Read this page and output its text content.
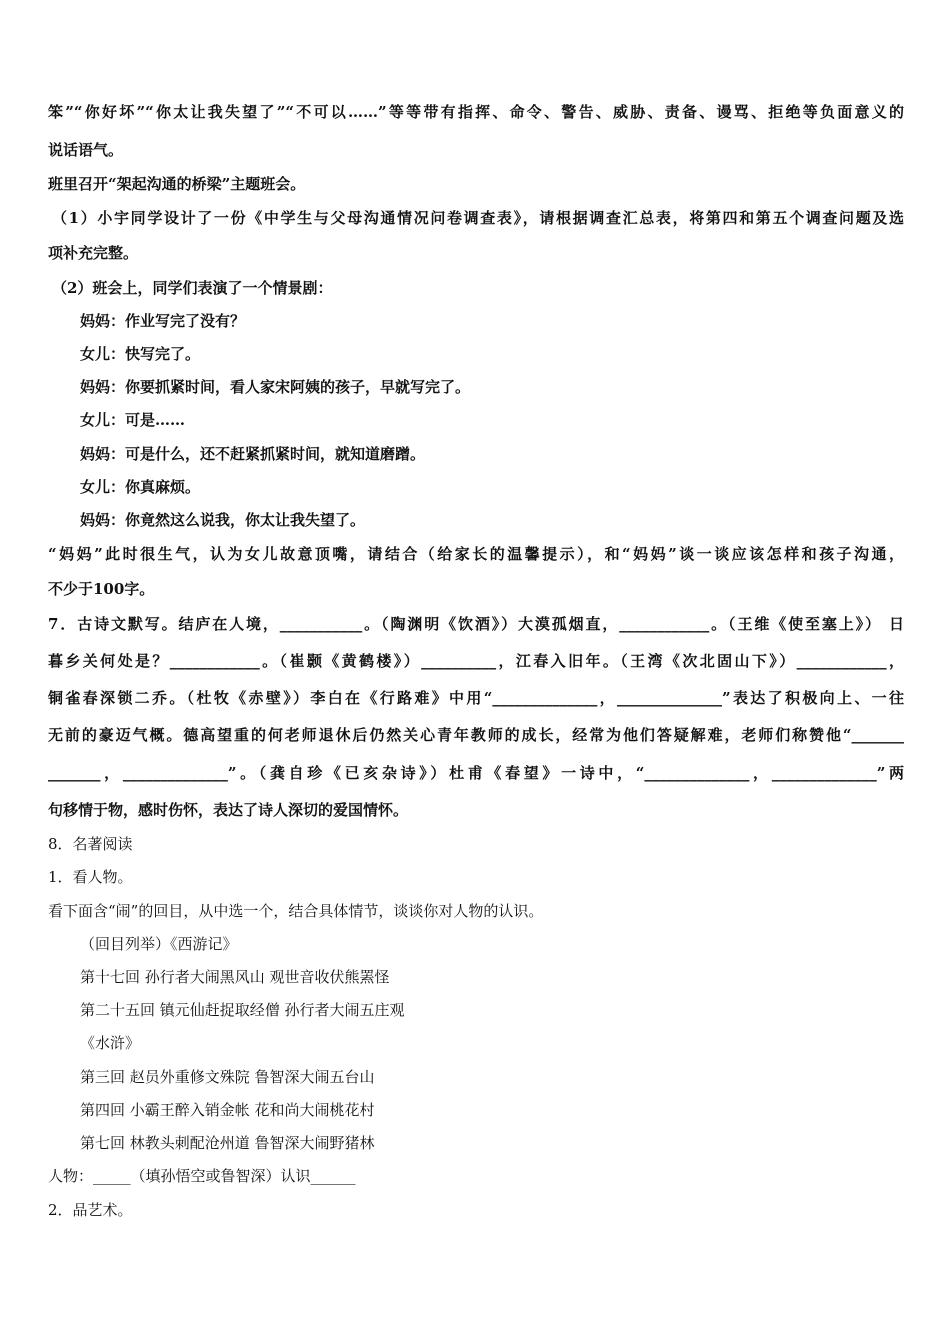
笨”“你好坏”“你太让我失望了”“不可以……”等等带有指挥、命令、警告、威胁、责备、谩骂、拒绝等负面意义的
说话语气。
班里召开“架起沟通的桥梁”主题班会。
（1）小宇同学设计了一份《中学生与父母沟通情况问卷调查表》，请根据调查汇总表，将第四和第五个调查问题及选
项补充完整。
（2）班会上，同学们表演了一个情景剧：
妈妈：作业写完了没有？
女儿：快写完了。
妈妈：你要抓紧时间，看人家宋阿姨的孩子，早就写完了。
女儿：可是……
妈妈：可是什么，还不赶紧抓紧时间，就知道磨蹭。
女儿：你真麻烦。
妈妈：你竟然这么说我，你太让我失望了。
“妈妈”此时很生气，认为女儿故意顶嘴，请结合（给家长的温馨提示），和“妈妈”谈一谈应该怎样和孩子沟通，
不少于100字。
7．古诗文默写。结庐在人境，___________。（陶渊明《饮酒》）大漠孤烟直，____________。（王维《使至塞上》） 日
暮乡关何处是？____________。（崔颢《黄鹤楼》）__________，江春入旧年。（王湾《次北固山下》）____________，
铜雀春深锁二乔。（杜牧《赤壁》）李白在《行路难》中用“______________，______________”表达了积极向上、一往
无前的豪迈气概。德高望重的何老师退休后仍然关心青年教师的成长，经常为他们答疑解难，老师们称赞他“_______
_______，______________”。（龚自珍《已亥杂诗》）杜甫《春望》一诗中，“______________，______________”两
句移情于物，感时伤怀，表达了诗人深切的爱国情怀。
8．名著阅读
1．看人物。
看下面含“闹”的回目，从中选一个，结合具体情节，谈谈你对人物的认识。
（回目列举）《西游记》
第十七回 孙行者大闹黑风山 观世音收伏熊罴怪
第二十五回 镇元仙赶捉取经僧 孙行者大闹五庄观
《水浒》
第三回 赵员外重修文殊院 鲁智深大闹五台山
第四回 小霸王醉入销金帐 花和尚大闹桃花村
第七回 林教头刺配沧州道 鲁智深大闹野猪林
人物：_____（填孙悟空或鲁智深）认识______
2．品艺术。
